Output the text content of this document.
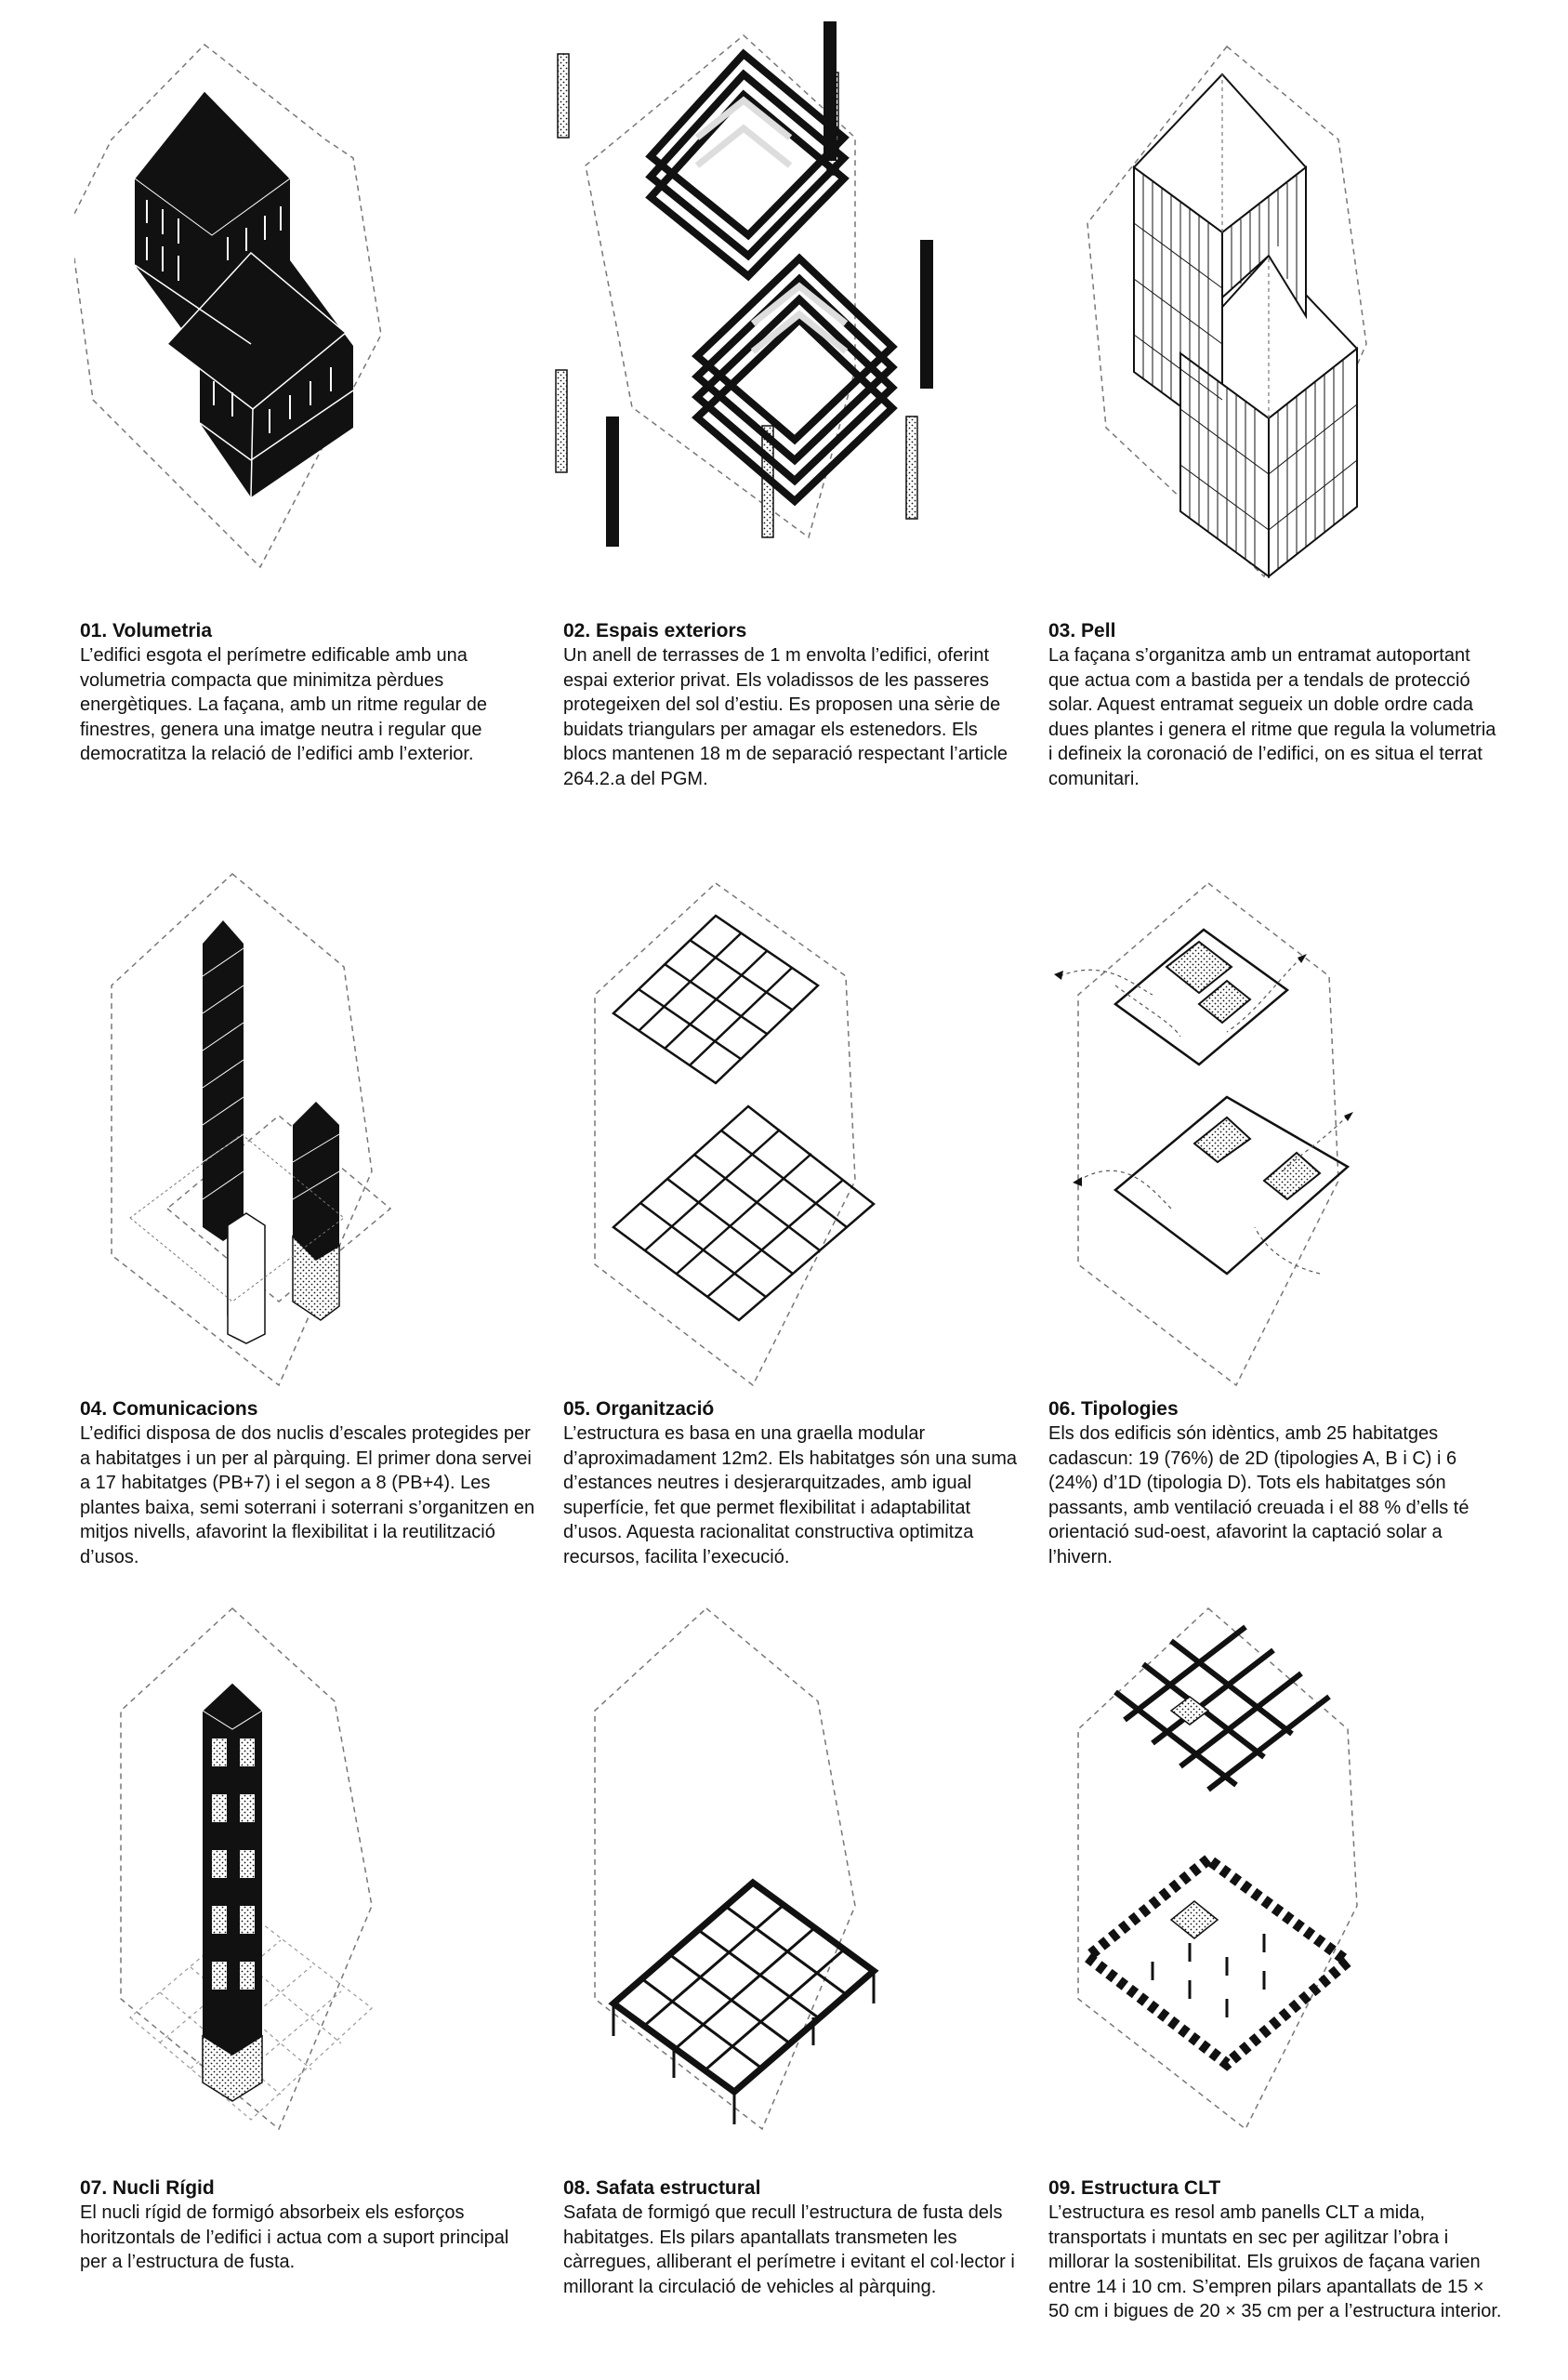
01. Volumetria

L’edifici esgota el perímetre edificable amb una volumetria compacta que minimitza pèrdues energètiques. La façana, amb un ritme regular de finestres, genera una imatge neutra i regular que democratitza la relació de l’edifici amb l’exterior.

02. Espais exteriors

Un anell de terrasses de 1 m envolta l’edifici, oferint espai exterior privat. Els voladissos de les passeres protegeixen del sol d’estiu. Es proposen una sèrie de buidats triangulars per amagar els estenedors. Els blocs mantenen 18 m de separació respectant l’article 264.2.a del PGM.

03. Pell

La façana s’organitza amb un entramat autoportant que actua com a bastida per a tendals de protecció solar. Aquest entramat segueix un doble ordre cada dues plantes i genera el ritme que regula la volumetria i defineix la coronació de l’edifici, on es situa el terrat comunitari.

04. Comunicacions

L’edifici disposa de dos nuclis d’escales protegides per a habitatges i un per al pàrquing. El primer dona servei a 17 habitatges (PB+7) i el segon a 8 (PB+4). Les plantes baixa, semi soterrani i soterrani s’organitzen en mitjos nivells, afavorint la flexibilitat i la reutilització d’usos.

05. Organització

L’estructura es basa en una graella modular d’aproximadament 12m2. Els habitatges són una suma d’estances neutres i desjerarquitzades, amb igual superfície, fet que permet flexibilitat i adaptabilitat d’usos. Aquesta racionalitat constructiva optimitza recursos, facilita l’execució.

06. Tipologies

Els dos edificis són idèntics, amb 25 habitatges cadascun: 19 (76%) de 2D (tipologies A, B i C) i 6 (24%) d’1D (tipologia D). Tots els habitatges són passants, amb ventilació creuada i el 88 % d’ells té orientació sud-oest, afavorint la captació solar a l’hivern.

07. Nucli Rígid

El nucli rígid de formigó absorbeix els esforços horitzontals de l’edifici i actua com a suport principal per a l’estructura de fusta.

08. Safata estructural

Safata de formigó que recull l’estructura de fusta dels habitatges. Els pilars apantallats transmeten les càrregues, alliberant el perímetre i evitant el col·lector i millorant la circulació de vehicles al pàrquing.

09. Estructura CLT

L’estructura es resol amb panells CLT a mida, transportats i muntats en sec per agilitzar l’obra i millorar la sostenibilitat. Els gruixos de façana varien entre 14 i 10 cm. S’empren pilars apantallats de 15 × 50 cm i bigues de 20 × 35 cm per a l’estructura interior.
